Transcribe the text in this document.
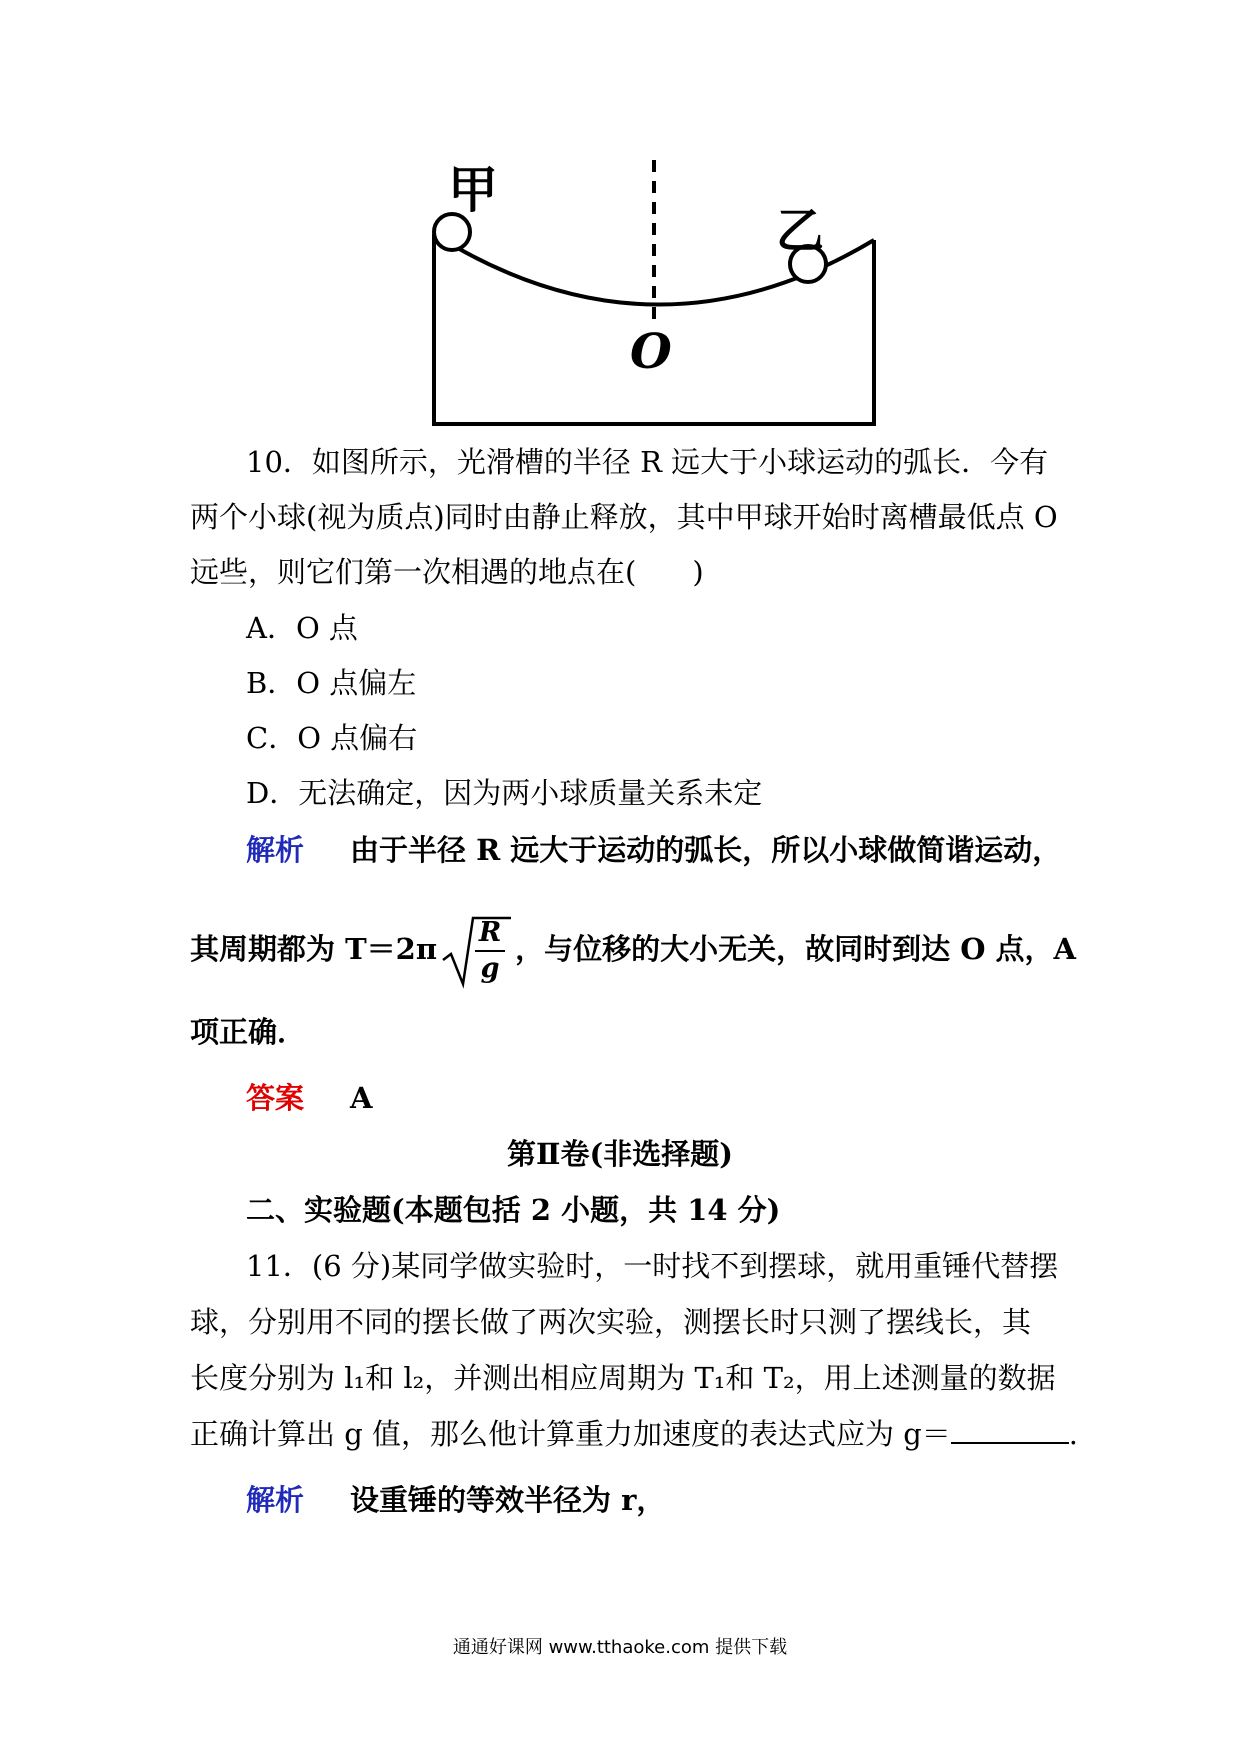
甲
乙
O
10．如图所示，光滑槽的半径 R 远大于小球运动的弧长．今有
两个小球(视为质点)同时由静止释放，其中甲球开始时离槽最低点 O
远些，则它们第一次相遇的地点在( )
A．O 点
B．O 点偏左
C．O 点偏右
D．无法确定，因为两小球质量关系未定
解析 由于半径 R 远大于运动的弧长，所以小球做简谐运动，
其周期都为 $T=2\pi \frac{R}{g}$ ，与位移的大小无关，故同时到达 O 点，A
项正确．
答案 A
第Ⅱ卷(非选择题)
二、实验题(本题包括 2 小题，共 14 分)
11．(6 分)某同学做实验时，一时找不到摆球，就用重锤代替摆
球，分别用不同的摆长做了两次实验，测摆长时只测了摆线长，其
长度分别为 l₁和 l₂，并测出相应周期为 T₁和 T₂，用上述测量的数据
正确计算出 g 值，那么他计算重力加速度的表达式应为 g＝	.
解析 设重锤的等效半径为 r，
通通好课网 www.tthaoke.com 提供下载
